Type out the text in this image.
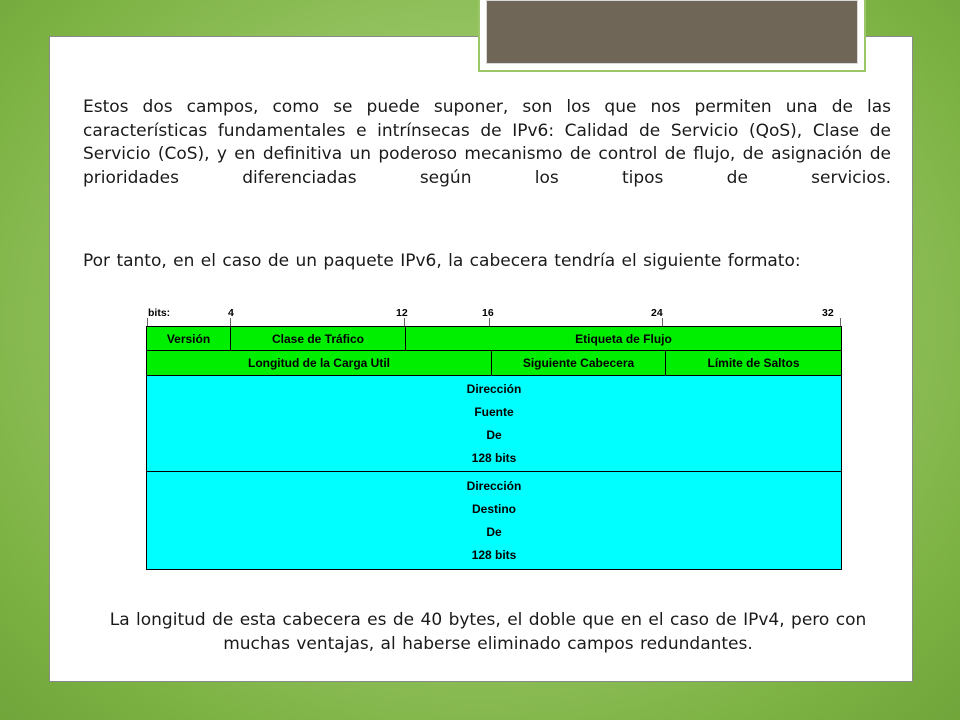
Estos dos campos, como se puede suponer, son los que nos permiten una de las características fundamentales e intrínsecas de IPv6: Calidad de Servicio (QoS), Clase de Servicio (CoS), y en definitiva un poderoso mecanismo de control de flujo, de asignación de prioridades diferenciadas según los tipos de servicios.

Por tanto, en el caso de un paquete IPv6, la cabecera tendría el siguiente formato:

bits:	4	12	16	24	32
Versión	Clase de Tráfico	Etiqueta de Flujo
Longitud de la Carga Util	Siguiente Cabecera	Límite de Saltos
Dirección
Fuente
De
128 bits
Dirección
Destino
De
128 bits

La longitud de esta cabecera es de 40 bytes, el doble que en el caso de IPv4, pero con muchas ventajas, al haberse eliminado campos redundantes.
